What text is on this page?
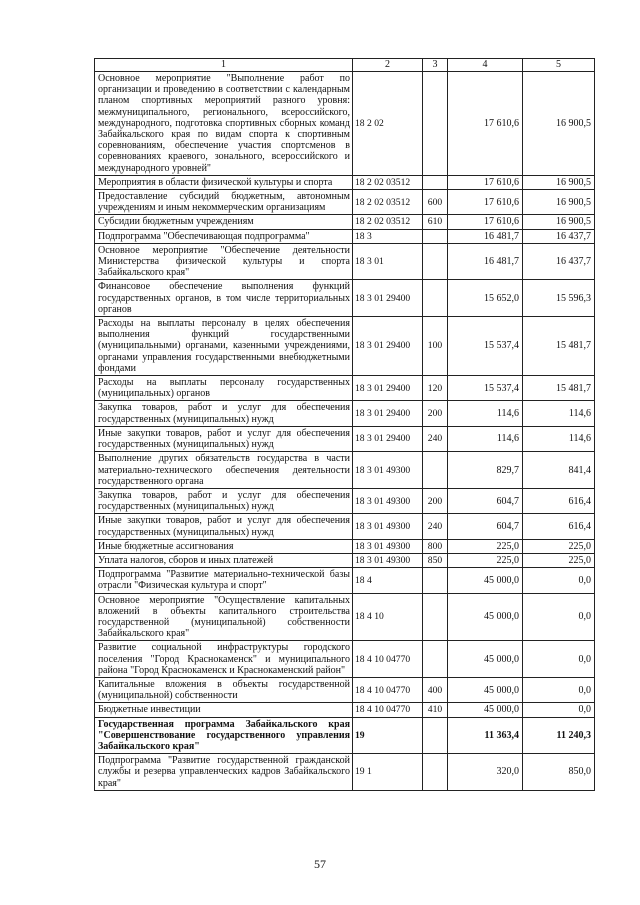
1	2	3	4	5
Основное мероприятие "Выполнение работ по организации и проведению в соответствии с календарным планом спортивных мероприятий разного уровня: межмуниципального, регионального, всероссийского, международного, подготовка спортивных сборных команд Забайкальского края по видам спорта к спортивным соревнованиям, обеспечение участия спортсменов в соревнованиях краевого, зонального, всероссийского и международного уровней"	18 2 02		17 610,6	16 900,5
Мероприятия в области физической культуры и спорта	18 2 02 03512		17 610,6	16 900,5
Предоставление субсидий бюджетным, автономным учреждениям и иным некоммерческим организациям	18 2 02 03512	600	17 610,6	16 900,5
Субсидии бюджетным учреждениям	18 2 02 03512	610	17 610,6	16 900,5
Подпрограмма "Обеспечивающая подпрограмма"	18 3		16 481,7	16 437,7
Основное мероприятие "Обеспечение деятельности Министерства физической культуры и спорта Забайкальского края"	18 3 01		16 481,7	16 437,7
Финансовое обеспечение выполнения функций государственных органов, в том числе территориальных органов	18 3 01 29400		15 652,0	15 596,3
Расходы на выплаты персоналу в целях обеспечения выполнения функций государственными (муниципальными) органами, казенными учреждениями, органами управления государственными внебюджетными фондами	18 3 01 29400	100	15 537,4	15 481,7
Расходы на выплаты персоналу государственных (муниципальных) органов	18 3 01 29400	120	15 537,4	15 481,7
Закупка товаров, работ и услуг для обеспечения государственных (муниципальных) нужд	18 3 01 29400	200	114,6	114,6
Иные закупки товаров, работ и услуг для обеспечения государственных (муниципальных) нужд	18 3 01 29400	240	114,6	114,6
Выполнение других обязательств государства в части материально-технического обеспечения деятельности государственного органа	18 3 01 49300		829,7	841,4
Закупка товаров, работ и услуг для обеспечения государственных (муниципальных) нужд	18 3 01 49300	200	604,7	616,4
Иные закупки товаров, работ и услуг для обеспечения государственных (муниципальных) нужд	18 3 01 49300	240	604,7	616,4
Иные бюджетные ассигнования	18 3 01 49300	800	225,0	225,0
Уплата налогов, сборов и иных платежей	18 3 01 49300	850	225,0	225,0
Подпрограмма "Развитие материально-технической базы отрасли "Физическая культура и спорт"	18 4		45 000,0	0,0
Основное мероприятие "Осуществление капитальных вложений в объекты капитального строительства государственной (муниципальной) собственности Забайкальского края"	18 4 10		45 000,0	0,0
Развитие социальной инфраструктуры городского поселения "Город Краснокаменск" и муниципального района "Город Краснокаменск и Краснокаменский район"	18 4 10 04770		45 000,0	0,0
Капитальные вложения в объекты государственной (муниципальной) собственности	18 4 10 04770	400	45 000,0	0,0
Бюджетные инвестиции	18 4 10 04770	410	45 000,0	0,0
Государственная программа Забайкальского края "Совершенствование государственного управления Забайкальского края"	19		11 363,4	11 240,3
Подпрограмма "Развитие государственной гражданской службы и резерва управленческих кадров Забайкальского края"	19 1		320,0	850,0
57
